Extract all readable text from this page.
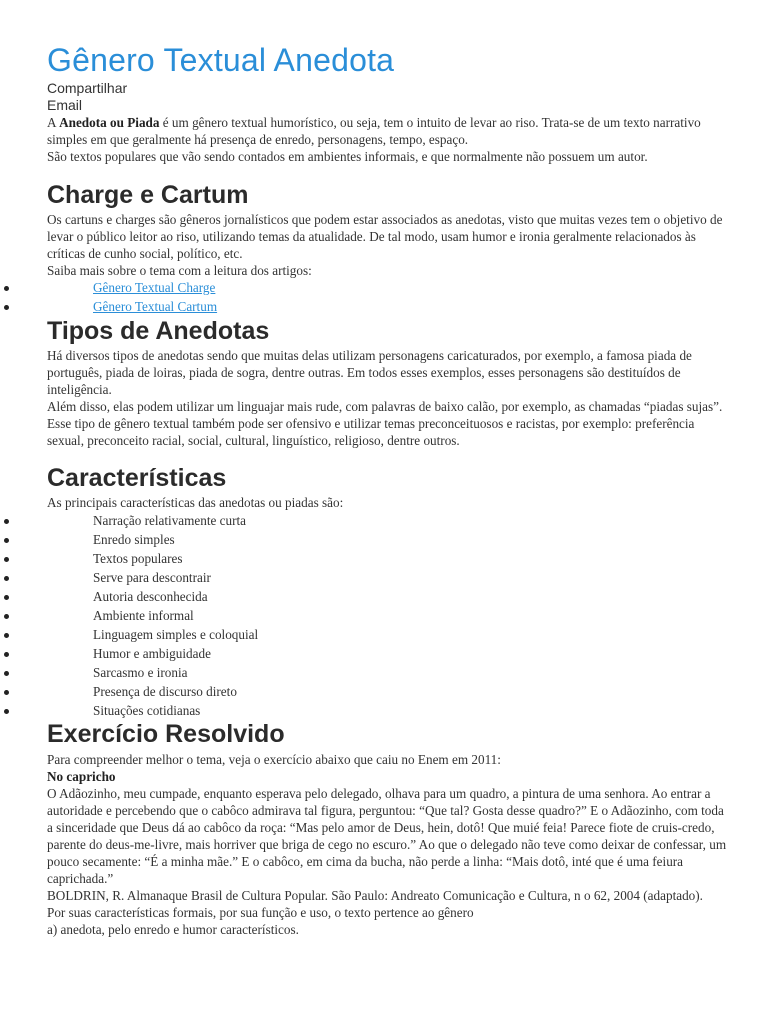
Gênero Textual Anedota
Compartilhar
Email

A Anedota ou Piada é um gênero textual humorístico, ou seja, tem o intuito de levar ao riso. Trata-se de um texto narrativo simples em que geralmente há presença de enredo, personagens, tempo, espaço.

São textos populares que vão sendo contados em ambientes informais, e que normalmente não possuem um autor.

Charge e Cartum

Os cartuns e charges são gêneros jornalísticos que podem estar associados as anedotas, visto que muitas vezes tem o objetivo de levar o público leitor ao riso, utilizando temas da atualidade. De tal modo, usam humor e ironia geralmente relacionados às críticas de cunho social, político, etc.

Saiba mais sobre o tema com a leitura dos artigos:

Gênero Textual Charge
Gênero Textual Cartum
Tipos de Anedotas

Há diversos tipos de anedotas sendo que muitas delas utilizam personagens caricaturados, por exemplo, a famosa piada de português, piada de loiras, piada de sogra, dentre outras. Em todos esses exemplos, esses personagens são destituídos de inteligência.

Além disso, elas podem utilizar um linguajar mais rude, com palavras de baixo calão, por exemplo, as chamadas “piadas sujas”.

Esse tipo de gênero textual também pode ser ofensivo e utilizar temas preconceituosos e racistas, por exemplo: preferência sexual, preconceito racial, social, cultural, linguístico, religioso, dentre outros.

Características
As principais características das anedotas ou piadas são:
Narração relativamente curta
Enredo simples
Textos populares
Serve para descontrair
Autoria desconhecida
Ambiente informal
Linguagem simples e coloquial
Humor e ambiguidade
Sarcasmo e ironia
Presença de discurso direto
Situações cotidianas
Exercício Resolvido

Para compreender melhor o tema, veja o exercício abaixo que caiu no Enem em 2011:

No capricho

O Adãozinho, meu cumpade, enquanto esperava pelo delegado, olhava para um quadro, a pintura de uma senhora. Ao entrar a autoridade e percebendo que o cabôco admirava tal figura, perguntou: “Que tal? Gosta desse quadro?” E o Adãozinho, com toda a sinceridade que Deus dá ao cabôco da roça: “Mas pelo amor de Deus, hein, dotô! Que muié feia! Parece fiote de cruis-credo, parente do deus-me-livre, mais horriver que briga de cego no escuro.” Ao que o delegado não teve como deixar de confessar, um pouco secamente: “É a minha mãe.” E o cabôco, em cima da bucha, não perde a linha: “Mais dotô, inté que é uma feiura caprichada.”

BOLDRIN, R. Almanaque Brasil de Cultura Popular. São Paulo: Andreato Comunicação e Cultura, n o 62, 2004 (adaptado).

Por suas características formais, por sua função e uso, o texto pertence ao gênero

a) anedota, pelo enredo e humor característicos.
